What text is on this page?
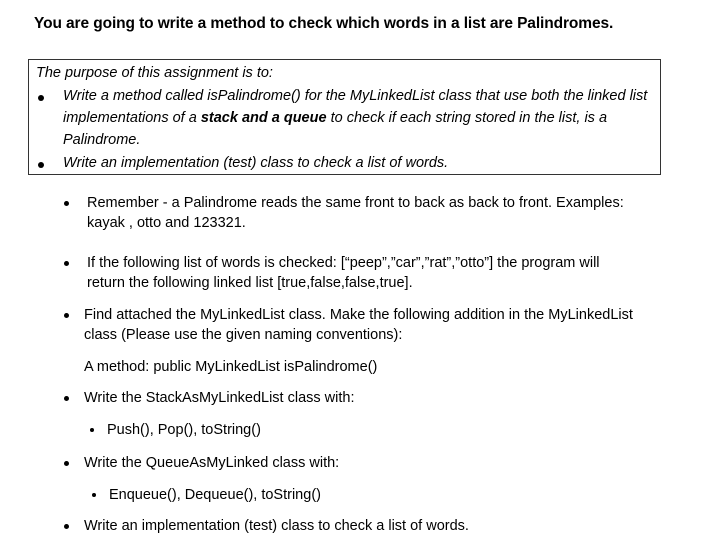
You are going to write a method to check which words in a list are Palindromes.
The purpose of this assignment is to:
Write a method called isPalindrome() for the MyLinkedList class that use both the linked list
implementations of a stack and a queue to check if each string stored in the list, is a
Palindrome.
Write an implementation (test) class to check a list of words.
Remember - a Palindrome reads the same front to back as back to front. Examples:
kayak , otto and 123321.
If the following list of words is checked: [“peep”,”car”,”rat”,”otto”] the program will
return the following linked list [true,false,false,true].
Find attached the MyLinkedList class. Make the following addition in the MyLinkedList
class (Please use the given naming conventions):
A method: public MyLinkedList isPalindrome()
Write the StackAsMyLinkedList class with:
Push(), Pop(), toString()
Write the QueueAsMyLinked class with:
Enqueue(), Dequeue(), toString()
Write an implementation (test) class to check a list of words.
